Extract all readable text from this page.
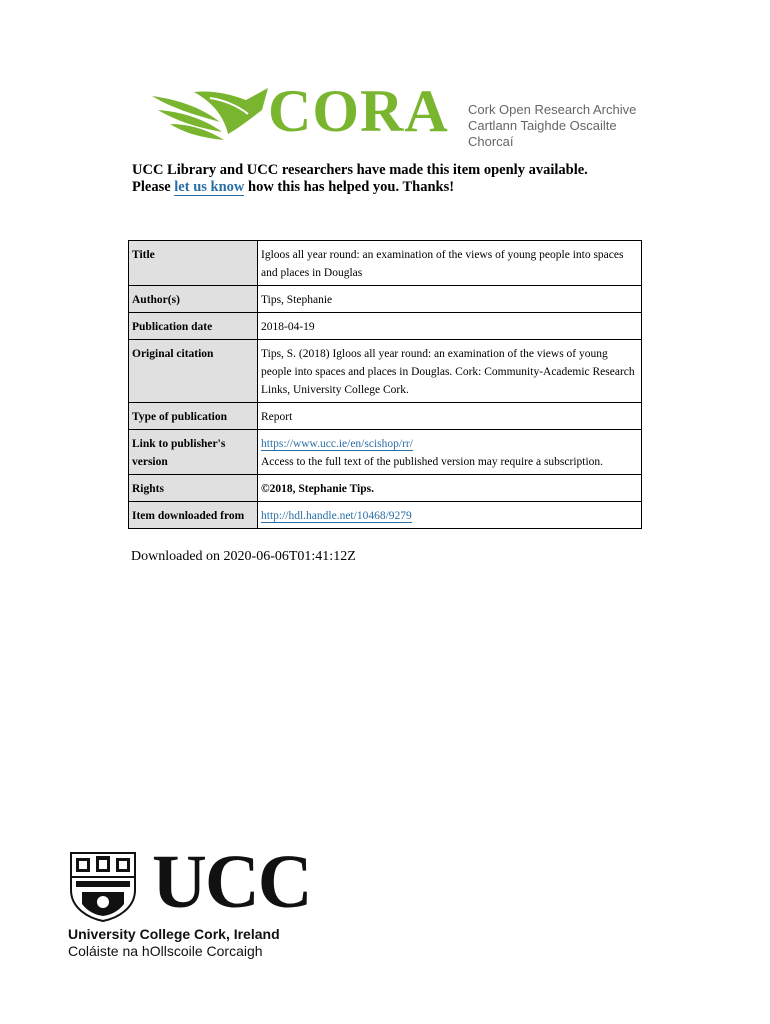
CORA Cork Open Research Archive
Cartlann Taighde Oscailte Chorcaí
UCC Library and UCC researchers have made this item openly available.
Please let us know how this has helped you. Thanks!
Title	Igloos all year round: an examination of the views of young people into spaces and places in Douglas
Author(s)	Tips, Stephanie
Publication date	2018-04-19
Original citation	Tips, S. (2018) Igloos all year round: an examination of the views of young people into spaces and places in Douglas. Cork: Community-Academic Research Links, University College Cork.
Type of publication	Report
Link to publisher's version	https://www.ucc.ie/en/scishop/rr/
Access to the full text of the published version may require a subscription.
Rights	©2018, Stephanie Tips.
Item downloaded from	http://hdl.handle.net/10468/9279
Downloaded on 2020-06-06T01:41:12Z
UCC
University College Cork, Ireland
Coláiste na hOllscoile Corcaigh
